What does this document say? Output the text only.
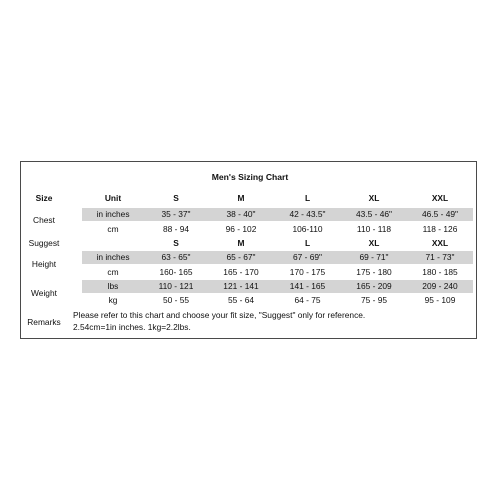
Men's Sizing Chart
Size	Unit	S	M	L	XL	XXL
Chest
in inches	35 - 37"	38 - 40"	42 - 43.5"	43.5 - 46"	46.5 - 49"
cm	88 - 94	96 - 102	106-110	110 - 118	118 - 126
Suggest	S	M	L	XL	XXL
Height
in inches	63 - 65"	65 - 67"	67 - 69"	69 - 71"	71 - 73"
cm	160- 165	165 - 170	170 - 175	175 - 180	180 - 185
Weight
lbs	110 - 121	121 - 141	141 - 165	165 - 209	209 - 240
kg	50 - 55	55 - 64	64 - 75	75 - 95	95 - 109
Remarks
Please refer to this chart and choose your fit size, "Suggest" only for reference.
2.54cm=1in inches. 1kg=2.2lbs.
